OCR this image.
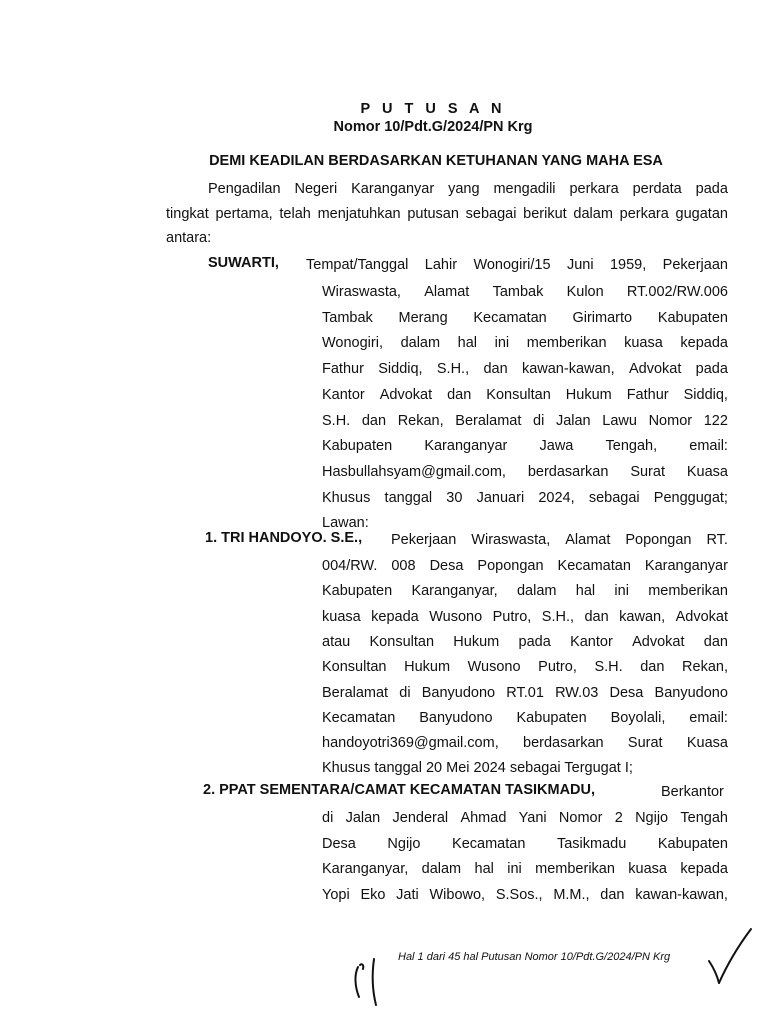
P U T U S A N
Nomor 10/Pdt.G/2024/PN Krg
DEMI KEADILAN BERDASARKAN KETUHANAN YANG MAHA ESA
Pengadilan Negeri Karanganyar yang mengadili perkara perdata pada
tingkat pertama, telah menjatuhkan putusan sebagai berikut dalam perkara gugatan
antara:
SUWARTI, Tempat/Tanggal Lahir Wonogiri/15 Juni 1959, Pekerjaan
Wiraswasta, Alamat Tambak Kulon RT.002/RW.006
Tambak Merang Kecamatan Girimarto Kabupaten
Wonogiri, dalam hal ini memberikan kuasa kepada
Fathur Siddiq, S.H., dan kawan-kawan, Advokat pada
Kantor Advokat dan Konsultan Hukum Fathur Siddiq,
S.H. dan Rekan, Beralamat di Jalan Lawu Nomor 122
Kabupaten Karanganyar Jawa Tengah, email:
Hasbullahsyam@gmail.com, berdasarkan Surat Kuasa
Khusus tanggal 30 Januari 2024, sebagai Penggugat;
Lawan:
1. TRI HANDOYO. S.E., Pekerjaan Wiraswasta, Alamat Popongan RT.
004/RW. 008 Desa Popongan Kecamatan Karanganyar
Kabupaten Karanganyar, dalam hal ini memberikan
kuasa kepada Wusono Putro, S.H., dan kawan, Advokat
atau Konsultan Hukum pada Kantor Advokat dan
Konsultan Hukum Wusono Putro, S.H. dan Rekan,
Beralamat di Banyudono RT.01 RW.03 Desa Banyudono
Kecamatan Banyudono Kabupaten Boyolali, email:
handoyotri369@gmail.com, berdasarkan Surat Kuasa
Khusus tanggal 20 Mei 2024 sebagai Tergugat I;
2. PPAT SEMENTARA/CAMAT KECAMATAN TASIKMADU,	Berkantor
di Jalan Jenderal Ahmad Yani Nomor 2 Ngijo Tengah
Desa Ngijo Kecamatan Tasikmadu Kabupaten
Karanganyar, dalam hal ini memberikan kuasa kepada
Yopi Eko Jati Wibowo, S.Sos., M.M., dan kawan-kawan,
Hal 1 dari 45 hal Putusan Nomor 10/Pdt.G/2024/PN Krg
